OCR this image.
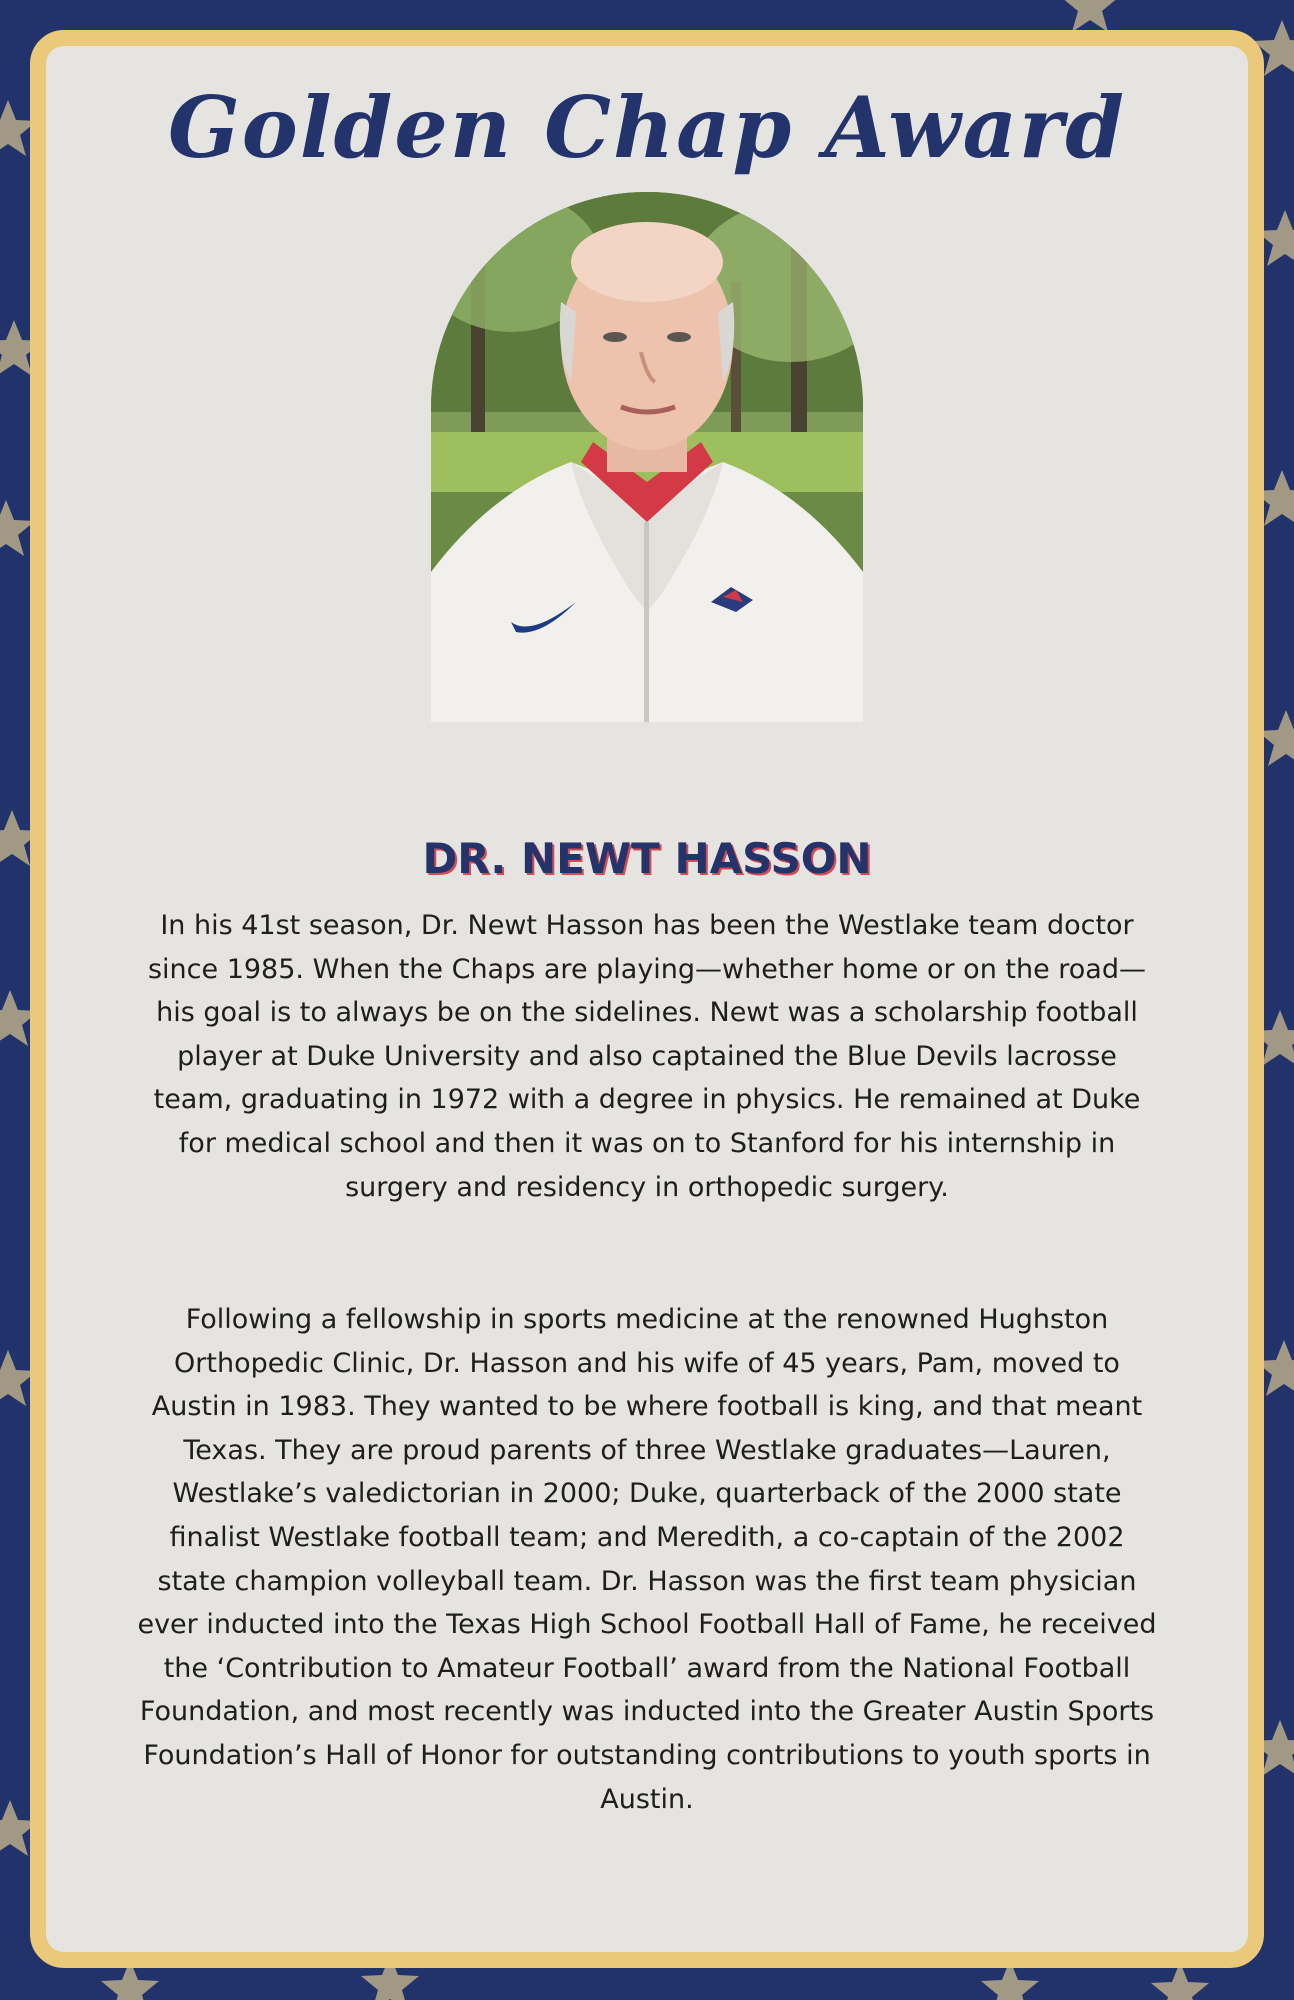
Golden Chap Award
DR. NEWT HASSON

In his 41st season, Dr. Newt Hasson has been the Westlake team doctor since 1985. When the Chaps are playing—whether home or on the road—his goal is to always be on the sidelines. Newt was a scholarship football player at Duke University and also captained the Blue Devils lacrosse team, graduating in 1972 with a degree in physics. He remained at Duke for medical school and then it was on to Stanford for his internship in surgery and residency in orthopedic surgery.

Following a fellowship in sports medicine at the renowned Hughston Orthopedic Clinic, Dr. Hasson and his wife of 45 years, Pam, moved to Austin in 1983. They wanted to be where football is king, and that meant Texas. They are proud parents of three Westlake graduates—Lauren, Westlake’s valedictorian in 2000; Duke, quarterback of the 2000 state finalist Westlake football team; and Meredith, a co-captain of the 2002 state champion volleyball team. Dr. Hasson was the first team physician ever inducted into the Texas High School Football Hall of Fame, he received the ‘Contribution to Amateur Football’ award from the National Football Foundation, and most recently was inducted into the Greater Austin Sports Foundation’s Hall of Honor for outstanding contributions to youth sports in Austin.
